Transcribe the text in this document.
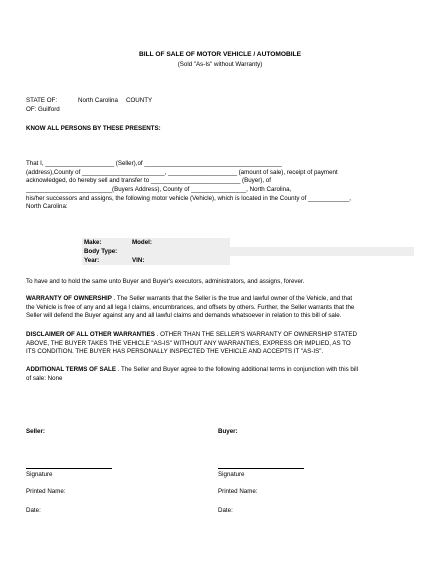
BILL OF SALE OF MOTOR VEHICLE / AUTOMOBILE
(Sold "As-Is" without Warranty)
STATE OF:	North Carolina COUNTY
OF: Guilford
KNOW ALL PERSONS BY THESE PRESENTS:
That I, ____________________ (Seller),of ________________________________________
(address),County of ________________________, ____________________ (amount of sale), receipt of payment
acknowledged, do hereby sell and transfer to __________________________ (Buyer), of
_________________________(Buyers Address), County of ________________, North Carolina,
his/her successors and assigns, the following motor vehicle (Vehicle), which is located in the County of ____________,
North Carolina:
Make:	Model:
Body Type:
Year:	VIN:
To have and to hold the same unto Buyer and Buyer's executors, administrators, and assigns, forever.
WARRANTY OF OWNERSHIP . The Seller warrants that the Seller is the true and lawful owner of the Vehicle, and that
the Vehicle is free of any and all lega l claims, encumbrances, and offsets by others. Further, the Seller warrants that the
Seller will defend the Buyer against any and all lawful claims and demands whatsoever in relation to this bill of sale.
DISCLAIMER OF ALL OTHER WARRANTIES . OTHER THAN THE SELLER'S WARRANTY OF OWNERSHIP STATED
ABOVE, THE BUYER TAKES THE VEHICLE "AS-IS" WITHOUT ANY WARRANTIES, EXPRESS OR IMPLIED, AS TO
ITS CONDITION. THE BUYER HAS PERSONALLY INSPECTED THE VEHICLE AND ACCEPTS IT "AS-IS".
ADDITIONAL TERMS OF SALE . The Seller and Buyer agree to the following additional terms in conjunction with this bill
of sale: None
Seller:	Buyer:
Signature	Signature
Printed Name:	Printed Name:
Date:	Date:
